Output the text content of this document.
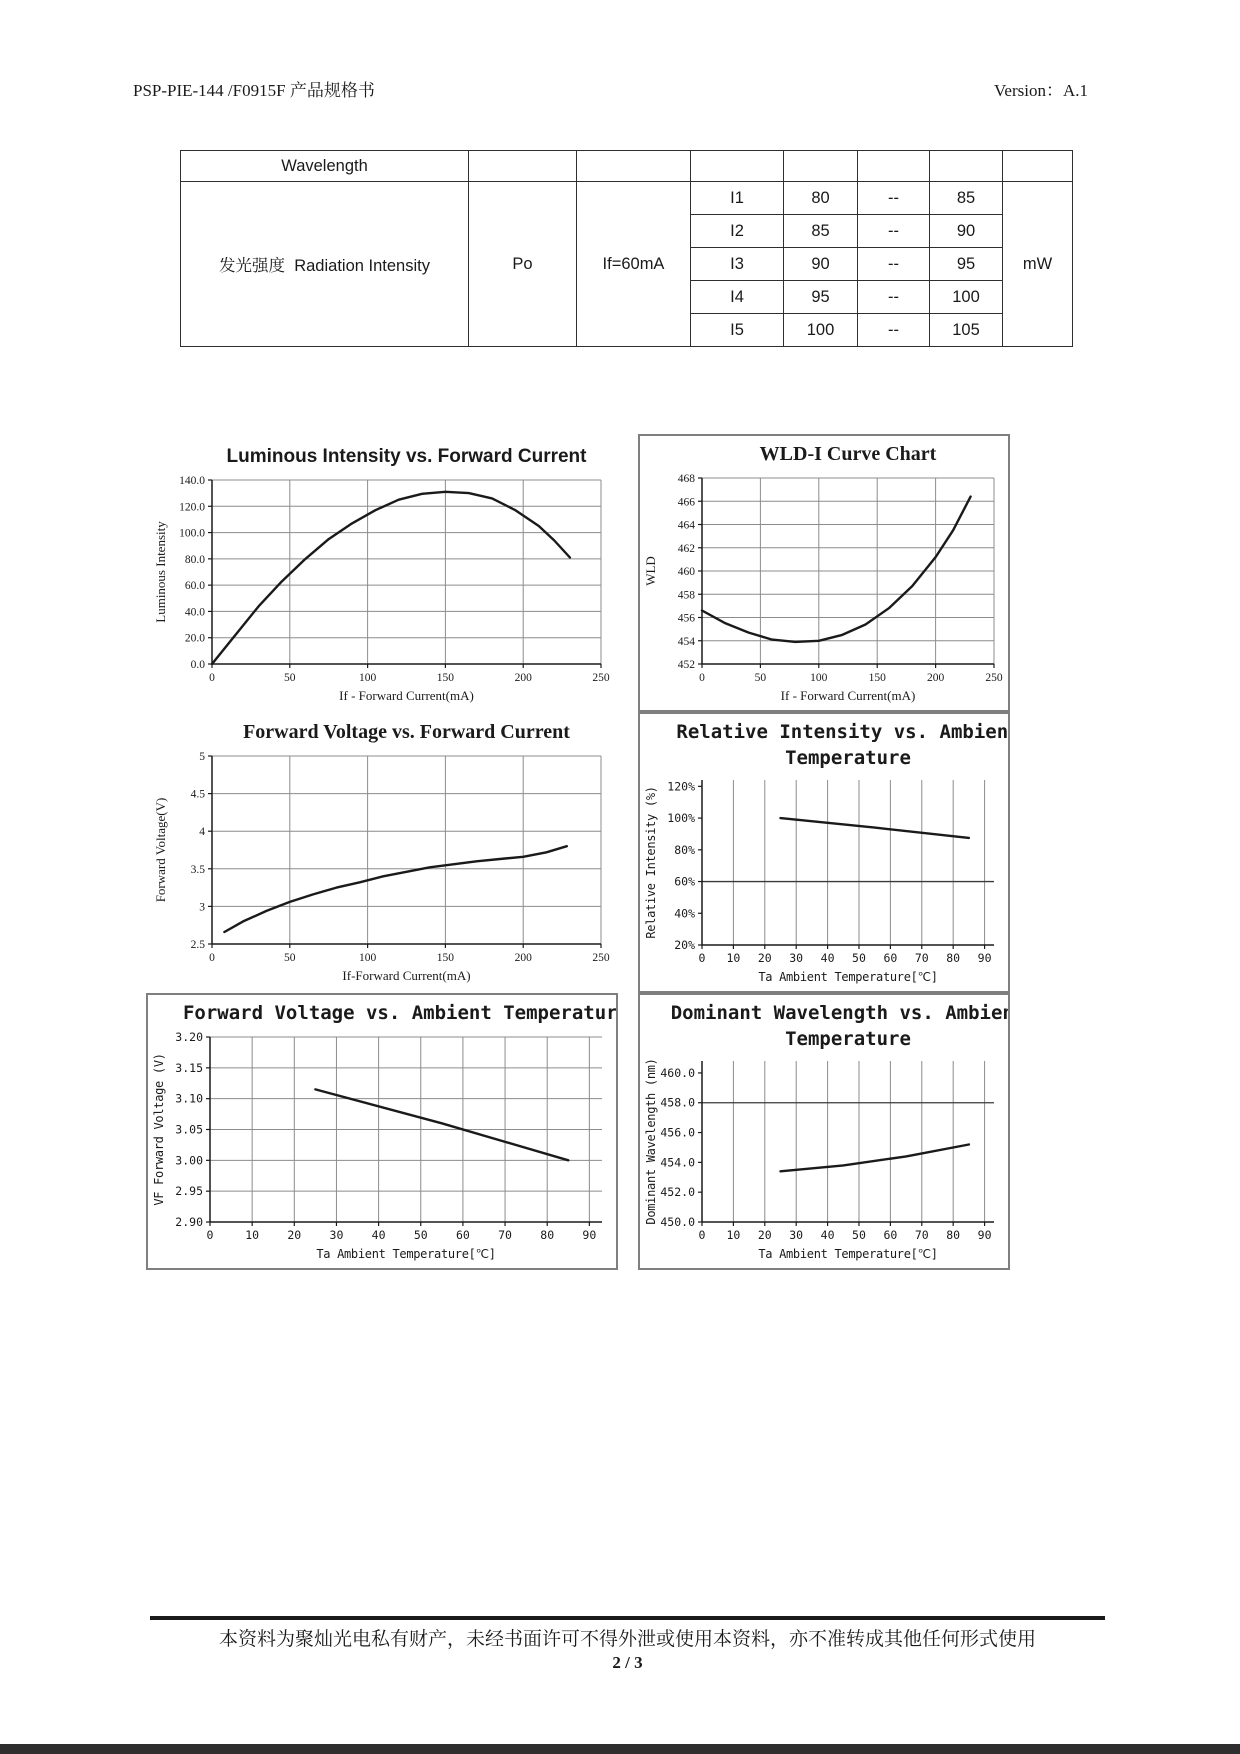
PSP-PIE-144 /F0915F 产品规格书	Version：A.1
Wavelength							
发光强度 Radiation Intensity	Po	If=60mA	I1	80	--	85	mW
			I2	85	--	90	
			I3	90	--	95	
			I4	95	--	100	
			I5	100	--	105	
0.0
20.0
40.0
60.0
80.0
100.0
120.0
140.0
0	50	100	150	200	250
If - Forward Current(mA)
Luminous Intensity
Luminous Intensity vs. Forward Current
452
454
456
458
460
462
464
466
468
0	50	100	150	200	250
If - Forward Current(mA)
WLD
WLD-I Curve Chart
2.5
3
3.5
4
4.5
5
0	50	100	150	200	250
If-Forward Current(mA)
Forward Voltage(V)
Forward Voltage vs. Forward Current
20%
40%
60%
80%
100%
120%
0 10 20 30 40 50 60 70 80 90
Ta Ambient Temperature[℃]
Relative Intensity (%)
Relative Intensity vs. Ambient
Temperature
2.90
2.95
3.00
3.05
3.10
3.15
3.20
0	10 20 30 40 50 60 70 80 90
Ta Ambient Temperature[℃]
VF Forward Voltage (V)
Forward Voltage vs. Ambient Temperature
450.0
452.0
454.0
456.0
458.0
460.0
0 10 20 30 40 50 60 70 80 90
Ta Ambient Temperature[℃]
Dominant Wavelength (nm)
Dominant Wavelength vs. Ambient
Temperature
本资料为聚灿光电私有财产，未经书面许可不得外泄或使用本资料，亦不准转成其他任何形式使用
2 / 3
